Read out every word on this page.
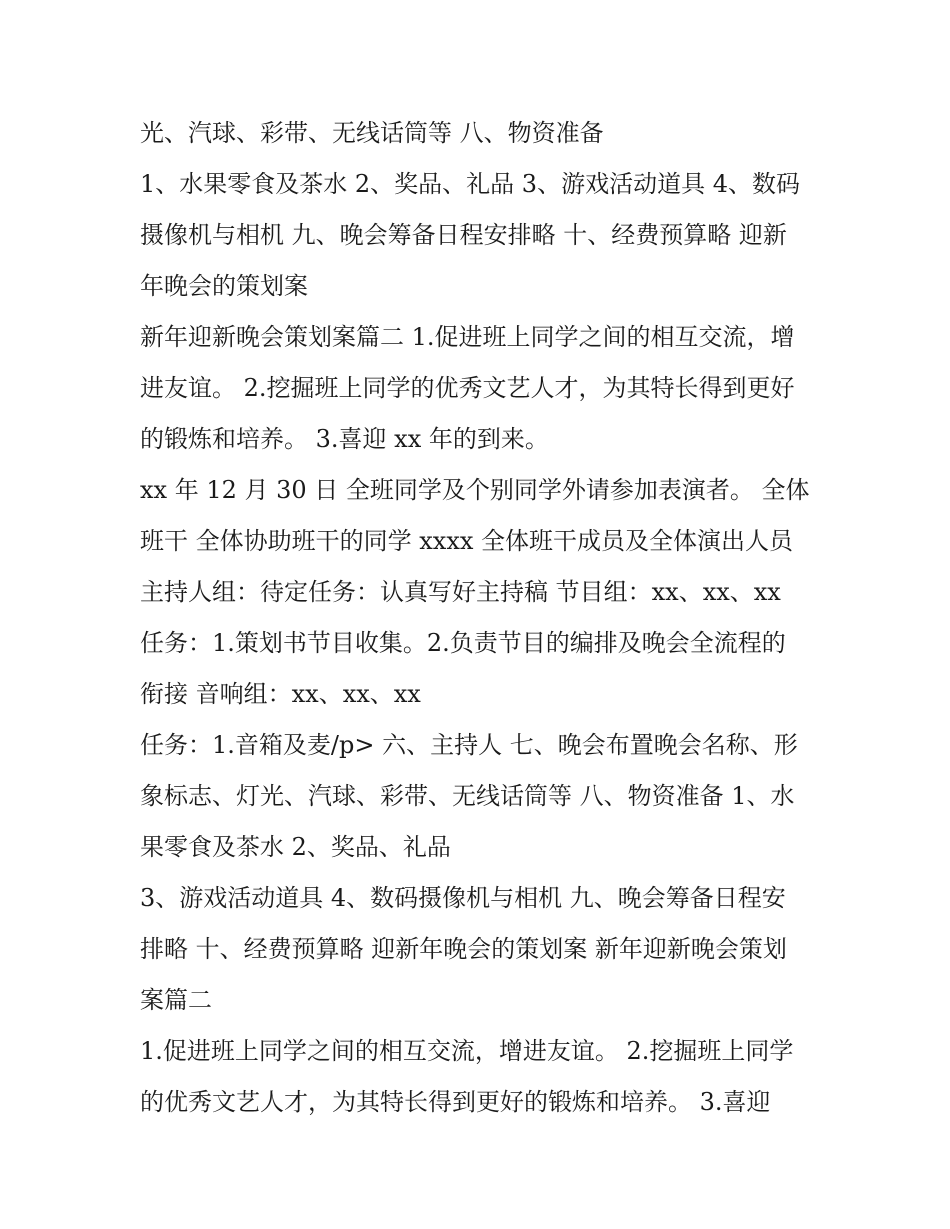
光、汽球、彩带、无线话筒等 八、物资准备
1、水果零食及茶水 2、奖品、礼品 3、游戏活动道具 4、数码
摄像机与相机 九、晚会筹备日程安排略 十、经费预算略 迎新
年晚会的策划案
新年迎新晚会策划案篇二 1.促进班上同学之间的相互交流，增
进友谊。 2.挖掘班上同学的优秀文艺人才，为其特长得到更好
的锻炼和培养。 3.喜迎 xx 年的到来。
xx 年 12 月 30 日 全班同学及个别同学外请参加表演者。 全体
班干 全体协助班干的同学 xxxx 全体班干成员及全体演出人员
主持人组：待定任务：认真写好主持稿 节目组：xx、xx、xx
任务：1.策划书节目收集。2.负责节目的编排及晚会全流程的
衔接 音响组：xx、xx、xx
任务：1.音箱及麦/p> 六、主持人 七、晚会布置晚会名称、形
象标志、灯光、汽球、彩带、无线话筒等 八、物资准备 1、水
果零食及茶水 2、奖品、礼品
3、游戏活动道具 4、数码摄像机与相机 九、晚会筹备日程安
排略 十、经费预算略 迎新年晚会的策划案 新年迎新晚会策划
案篇二
1.促进班上同学之间的相互交流，增进友谊。 2.挖掘班上同学
的优秀文艺人才，为其特长得到更好的锻炼和培养。 3.喜迎
